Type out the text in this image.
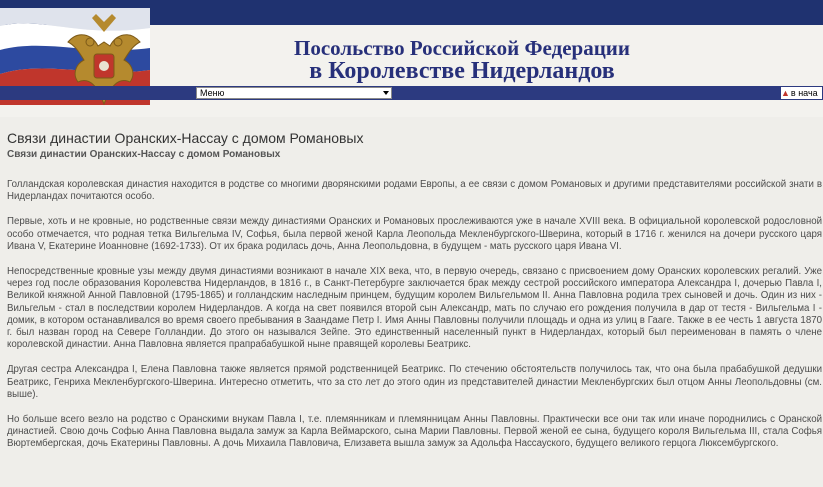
Посольство Российской Федерации
в Королевстве Нидерландов
Меню	▲в нача
Связи династии Оранских-Нассау с домом Романовых
Связи династии Оранских-Нассау с домом Романовых

Голландская королевская династия находится в родстве со многими дворянскими родами Европы, а ее связи с домом Романовых и другими представителями российской знати в Нидерландах почитаются особо.

Первые, хоть и не кровные, но родственные связи между династиями Оранских и Романовых прослеживаются уже в начале XVIII века. В официальной королевской родословной особо отмечается, что родная тетка Вильгельма IV, Софья, была первой женой Карла Леопольда Мекленбургского-Шверина, который в 1716 г. женился на дочери русского царя Ивана V, Екатерине Иоанновне (1692-1733). От их брака родилась дочь, Анна Леопольдовна, в будущем - мать русского царя Ивана VI.

Непосредственные кровные узы между двумя династиями возникают в начале XIX века, что, в первую очередь, связано с присвоением дому Оранских королевских регалий. Уже через год после образования Королевства Нидерландов, в 1816 г., в Санкт-Петербурге заключается брак между сестрой российского императора Александра I, дочерью Павла I, Великой княжной Анной Павловной (1795-1865) и голландским наследным принцем, будущим королем Вильгельмом II. Анна Павловна родила трех сыновей и дочь. Один из них - Вильгельм - стал в последствии королем Нидерландов. А когда на свет появился второй сын Александр, мать по случаю его рождения получила в дар от тестя - Вильгельма I - домик, в котором останавливался во время своего пребывания в Заандаме Петр I. Имя Анны Павловны получили площадь и одна из улиц в Гааге. Также в ее честь 1 августа 1870 г. был назван город на Севере Голландии. До этого он назывался Зейпе. Это единственный населенный пункт в Нидерландах, который был переименован в память о члене королевской династии. Анна Павловна является прапрабабушкой ныне правящей королевы Беатрикс.

Другая сестра Александра I, Елена Павловна также является прямой родственницей Беатрикс. По стечению обстоятельств получилось так, что она была прабабушкой дедушки Беатрикс, Генриха Мекленбургского-Шверина. Интересно отметить, что за сто лет до этого один из представителей династии Мекленбургских был отцом Анны Леопольдовны (см. выше).

Но больше всего везло на родство с Оранскими внукам Павла I, т.е. племянникам и племянницам Анны Павловны. Практически все они так или иначе породнились с Оранской династией. Свою дочь Софью Анна Павловна выдала замуж за Карла Веймарского, сына Марии Павловны. Первой женой ее сына, будущего короля Вильгельма III, стала Софья Вюртембергская, дочь Екатерины Павловны. А дочь Михаила Павловича, Елизавета вышла замуж за Адольфа Нассауского, будущего великого герцога Люксембургского.
